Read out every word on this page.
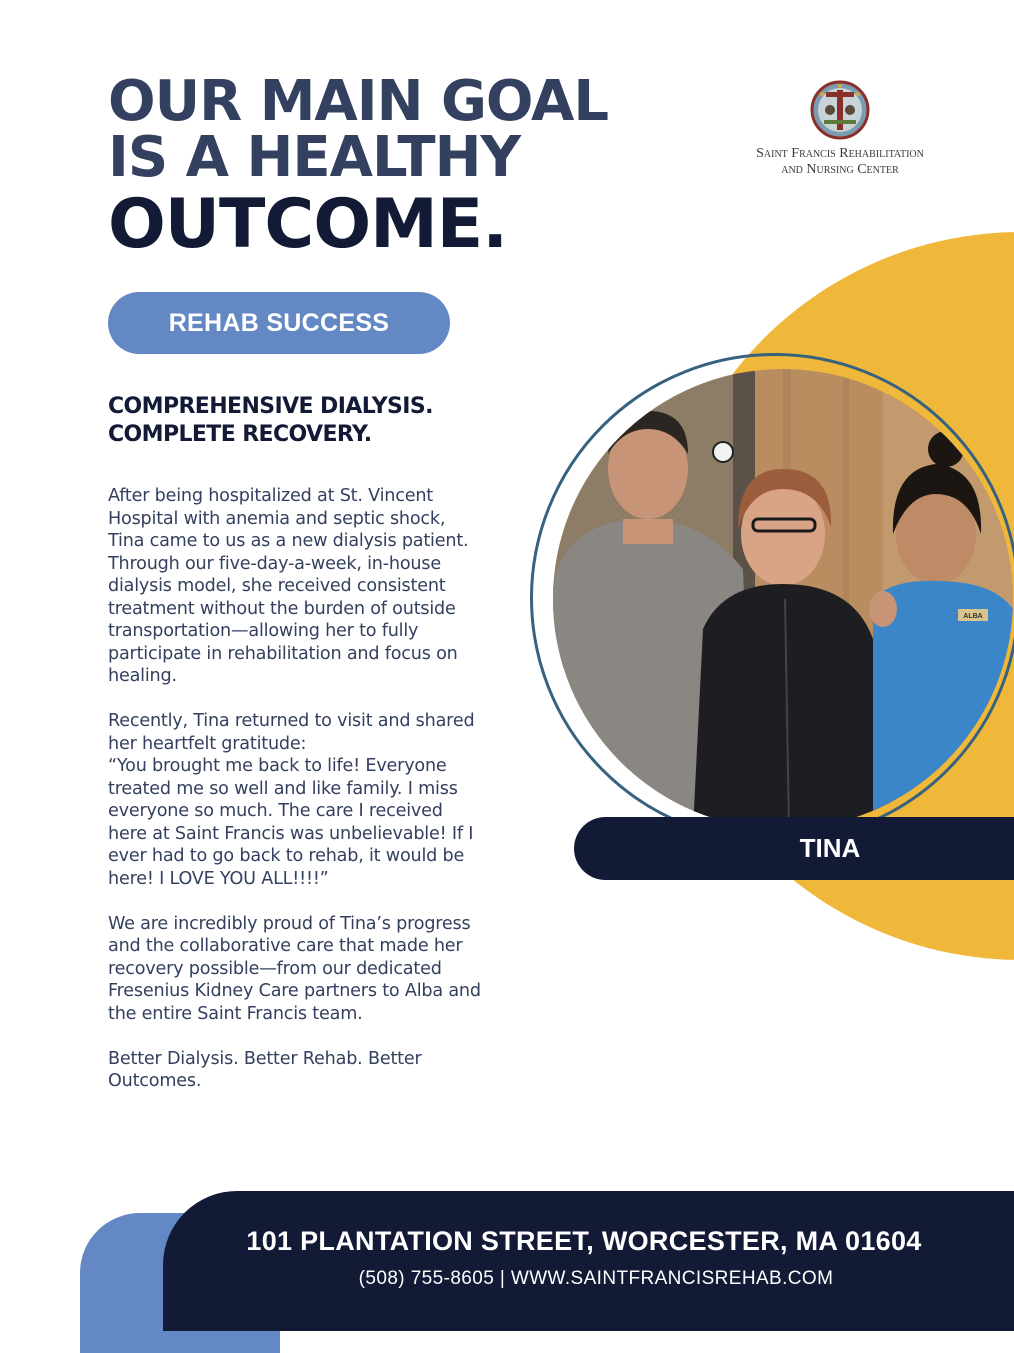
OUR MAIN GOAL
IS A HEALTHY
OUTCOME.
Saint Francis Rehabilitation
and Nursing Center
REHAB SUCCESS
COMPREHENSIVE DIALYSIS.
COMPLETE RECOVERY.

After being hospitalized at St. Vincent Hospital with anemia and septic shock, Tina came to us as a new dialysis patient. Through our five-day-a-week, in-house dialysis model, she received consistent treatment without the burden of outside transportation—allowing her to fully participate in rehabilitation and focus on healing.

Recently, Tina returned to visit and shared her heartfelt gratitude:
“You brought me back to life! Everyone treated me so well and like family. I miss everyone so much. The care I received here at Saint Francis was unbelievable! If I ever had to go back to rehab, it would be here! I LOVE YOU ALL!!!!”

We are incredibly proud of Tina’s progress and the collaborative care that made her recovery possible—from our dedicated Fresenius Kidney Care partners to Alba and the entire Saint Francis team.

Better Dialysis. Better Rehab. Better Outcomes.

ALBA
TINA
101 PLANTATION STREET, WORCESTER, MA 01604
(508) 755-8605 | WWW.SAINTFRANCISREHAB.COM
